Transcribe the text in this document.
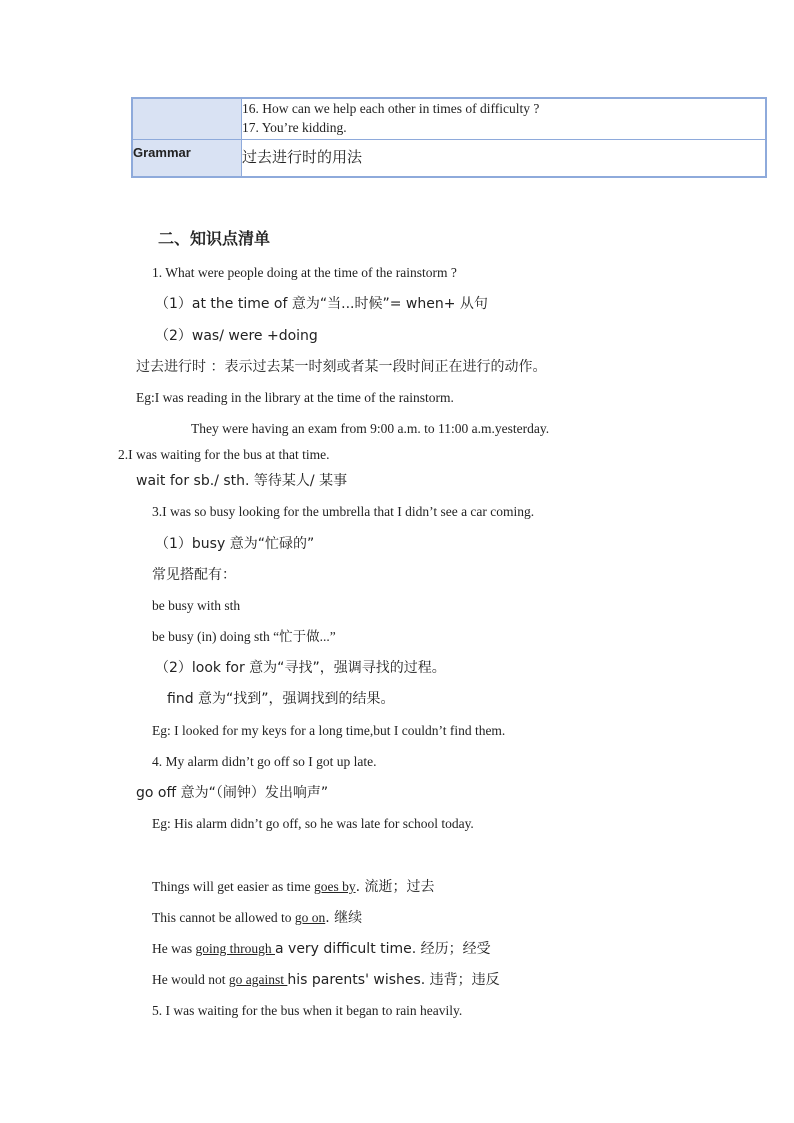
	16. How can we help each other in times of difficulty ?
17. You’re kidding.

Grammar	过去进行时的用法
二、知识点清单
1. What were people doing at the time of the rainstorm ?
（1）at the time of 意为“当...时候”= when+ 从句
（2）was/ were +doing
过去进行时 ：表示过去某一时刻或者某一段时间正在进行的动作。
Eg:I was reading in the library at the time of the rainstorm.
They were having an exam from 9:00 a.m. to 11:00 a.m.yesterday.
2.I was waiting for the bus at that time.
wait for sb./ sth. 等待某人/ 某事
3.I was so busy looking for the umbrella that I didn’t see a car coming.
（1）busy 意为“忙碌的”
常见搭配有：
be busy with sth
be busy (in) doing sth “忙于做...”
（2）look for 意为“寻找”，强调寻找的过程。
find 意为“找到”，强调找到的结果。
Eg: I looked for my keys for a long time,but I couldn’t find them.
4. My alarm didn’t go off so I got up late.
go off 意为“（闹钟）发出响声”
Eg: His alarm didn’t go off, so he was late for school today.
Things will get easier as time goes by. 流逝；过去
This cannot be allowed to go on. 继续
He was going through a very difficult time. 经历；经受
He would not go against his parents' wishes. 违背；违反
5. I was waiting for the bus when it began to rain heavily.
